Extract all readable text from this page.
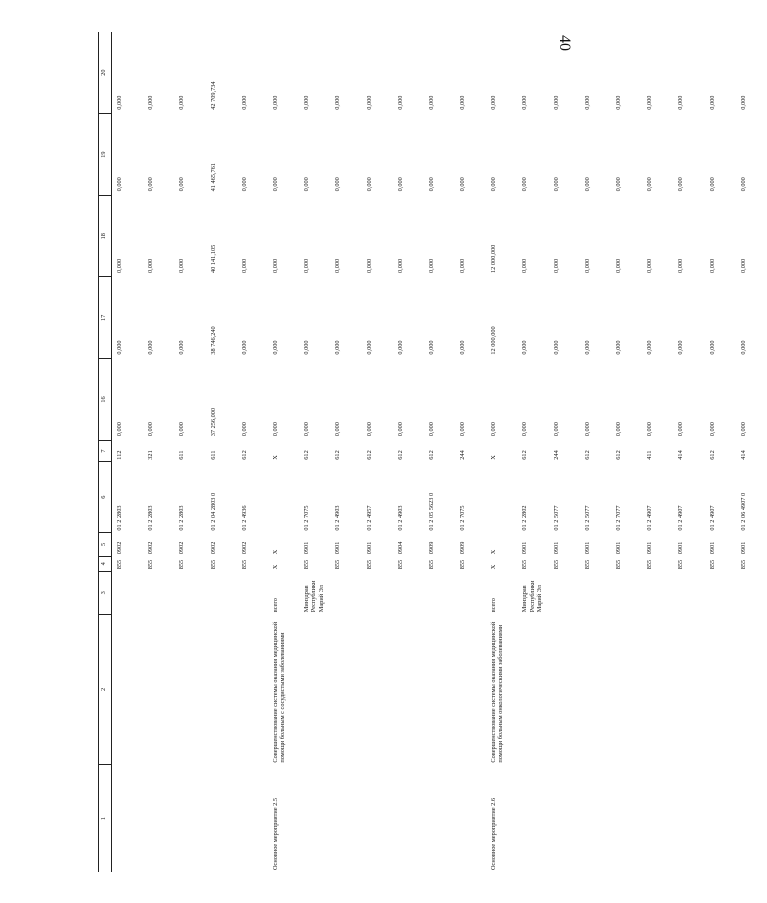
40
1	2	3	4	5	6	7	16	17	18	19	20
			855	0902	01 2 2803	112	0,000	0,000	0,000	0,000	0,000
			855	0902	01 2 2803	321	0,000	0,000	0,000	0,000	0,000
			855	0902	01 2 2803	611	0,000	0,000	0,000	0,000	0,000
			855	0902	01 2 04 2803 0	611	37 256,000	38 746,240	40 141,105	41 465,761	42 709,734
			855	0902	01 2 4936	612	0,000	0,000	0,000	0,000	0,000
Основное мероприятие 2.5	Совершенствование системы оказания медицинской помощи больным с сосудистыми заболеваниями	всего	Х	Х		Х	0,000	0,000	0,000	0,000	0,000
		Минздрав Республики Марий Эл	855	0901	01 2 7075	612	0,000	0,000	0,000	0,000	0,000
			855	0901	01 2 4903	612	0,000	0,000	0,000	0,000	0,000
			855	0901	01 2 4957	612	0,000	0,000	0,000	0,000	0,000
			855	0904	01 2 4903	612	0,000	0,000	0,000	0,000	0,000
			855	0909	01 2 05 5623 0	612	0,000	0,000	0,000	0,000	0,000
			855	0909	01 2 7075	244	0,000	0,000	0,000	0,000	0,000
Основное мероприятие 2.6	Совершенствование системы оказания медицинской помощи больным онкологическими заболеваниями	всего	Х	Х		Х	0,000	12 000,000	12 000,000	0,000	0,000
		Минздрав Республики Марий Эл	855	0901	01 2 2802	612	0,000	0,000	0,000	0,000	0,000
			855	0901	01 2 5077	244	0,000	0,000	0,000	0,000	0,000
			855	0901	01 2 5077	612	0,000	0,000	0,000	0,000	0,000
			855	0901	01 2 7077	612	0,000	0,000	0,000	0,000	0,000
			855	0901	01 2 4907	411	0,000	0,000	0,000	0,000	0,000
			855	0901	01 2 4907	414	0,000	0,000	0,000	0,000	0,000
			855	0901	01 2 4907	612	0,000	0,000	0,000	0,000	0,000
			855	0901	01 2 06 4907 0	414	0,000	0,000	0,000	0,000	0,000
